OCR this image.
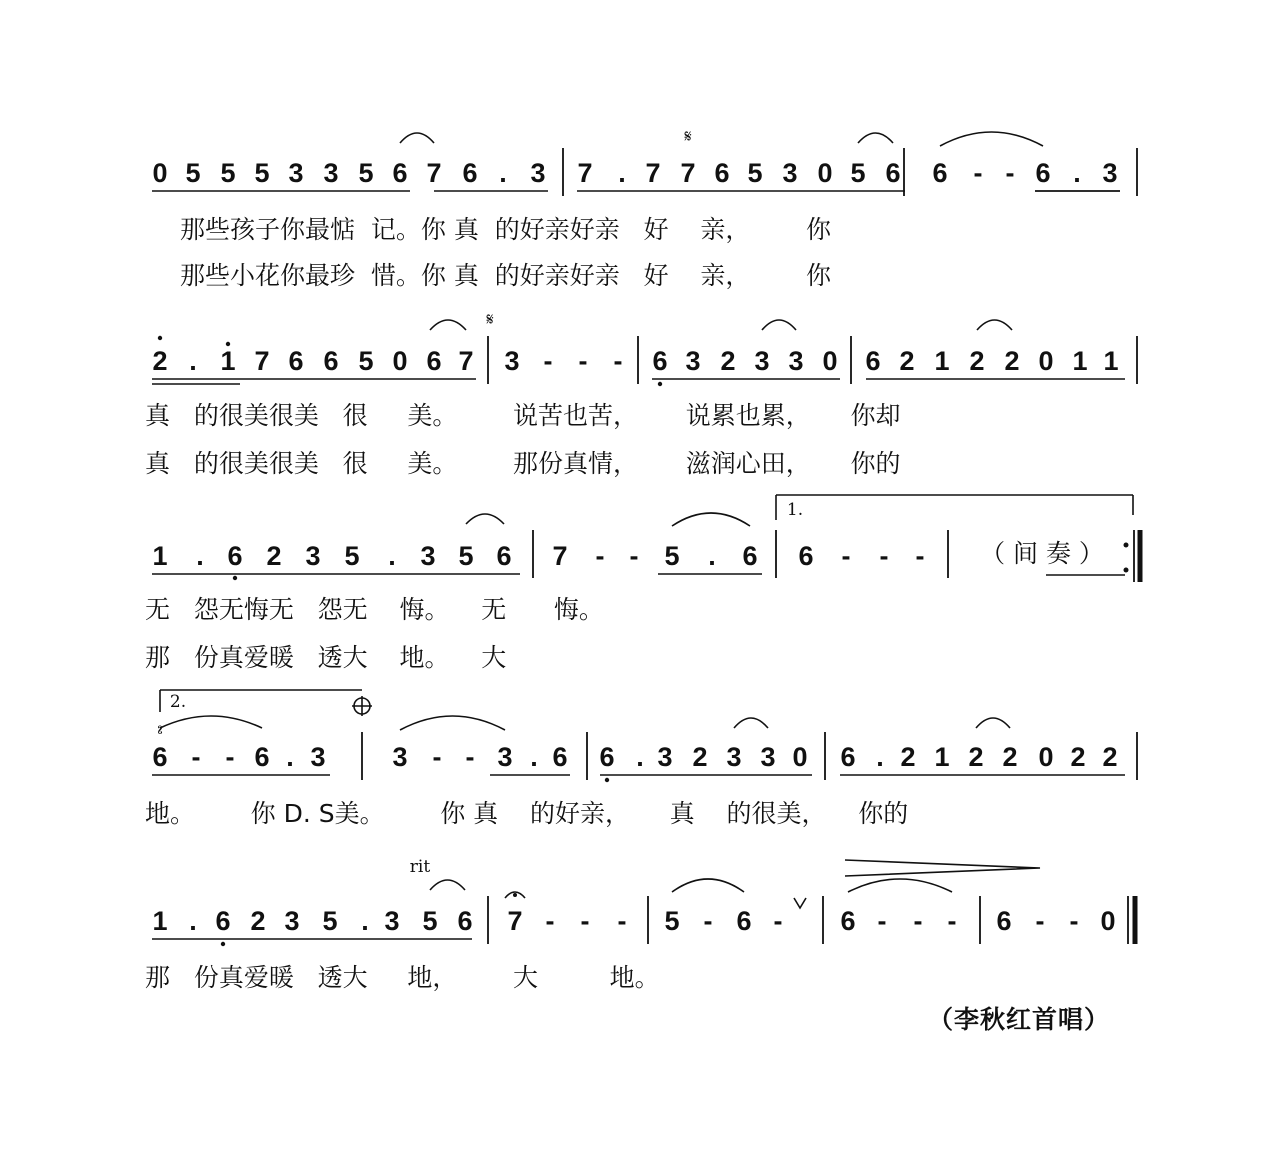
0 5 5 5 3 3 5 6 7 6 . 3 7 . 7 7 6 5 3 0 5 6 6 - - 6 . 3
那些孩子你最惦  记。你 真  的好亲好亲   好    亲，       你
那些小花你最珍  惜。你 真  的好亲好亲   好    亲，       你
2 . 1 7 6 6 5 0 6 7 3 - - - 6 3 2 3 3 0 6 2 1 2 2 0 1 1
真   的很美很美   很     美。       说苦也苦，      说累也累，     你却
真   的很美很美   很     美。       那份真情，      滋润心田，     你的
1 . 6 2 3 5 . 3 5 6 7 - - 5 . 6 6 - - -
无   怨无悔无   怨无    悔。    无      悔。
那   份真爱暖   透大    地。    大
6 - - 6 . 3 3 - - 3 . 6 6 . 3 2 3 3 0 6 . 2 1 2 2 0 2 2
地。       你 D. S美。       你 真    的好亲，     真    的很美，    你的
1 . 6 2 3 5 . 3 5 6 7 - - - 5 - 6 - 6 - - - 6 - - 0
那   份真爱暖   透大     地，       大         地。
𝄋
𝄋
1.
（ 间 奏 ）
2.
𝆚
rit
（李秋红首唱）
